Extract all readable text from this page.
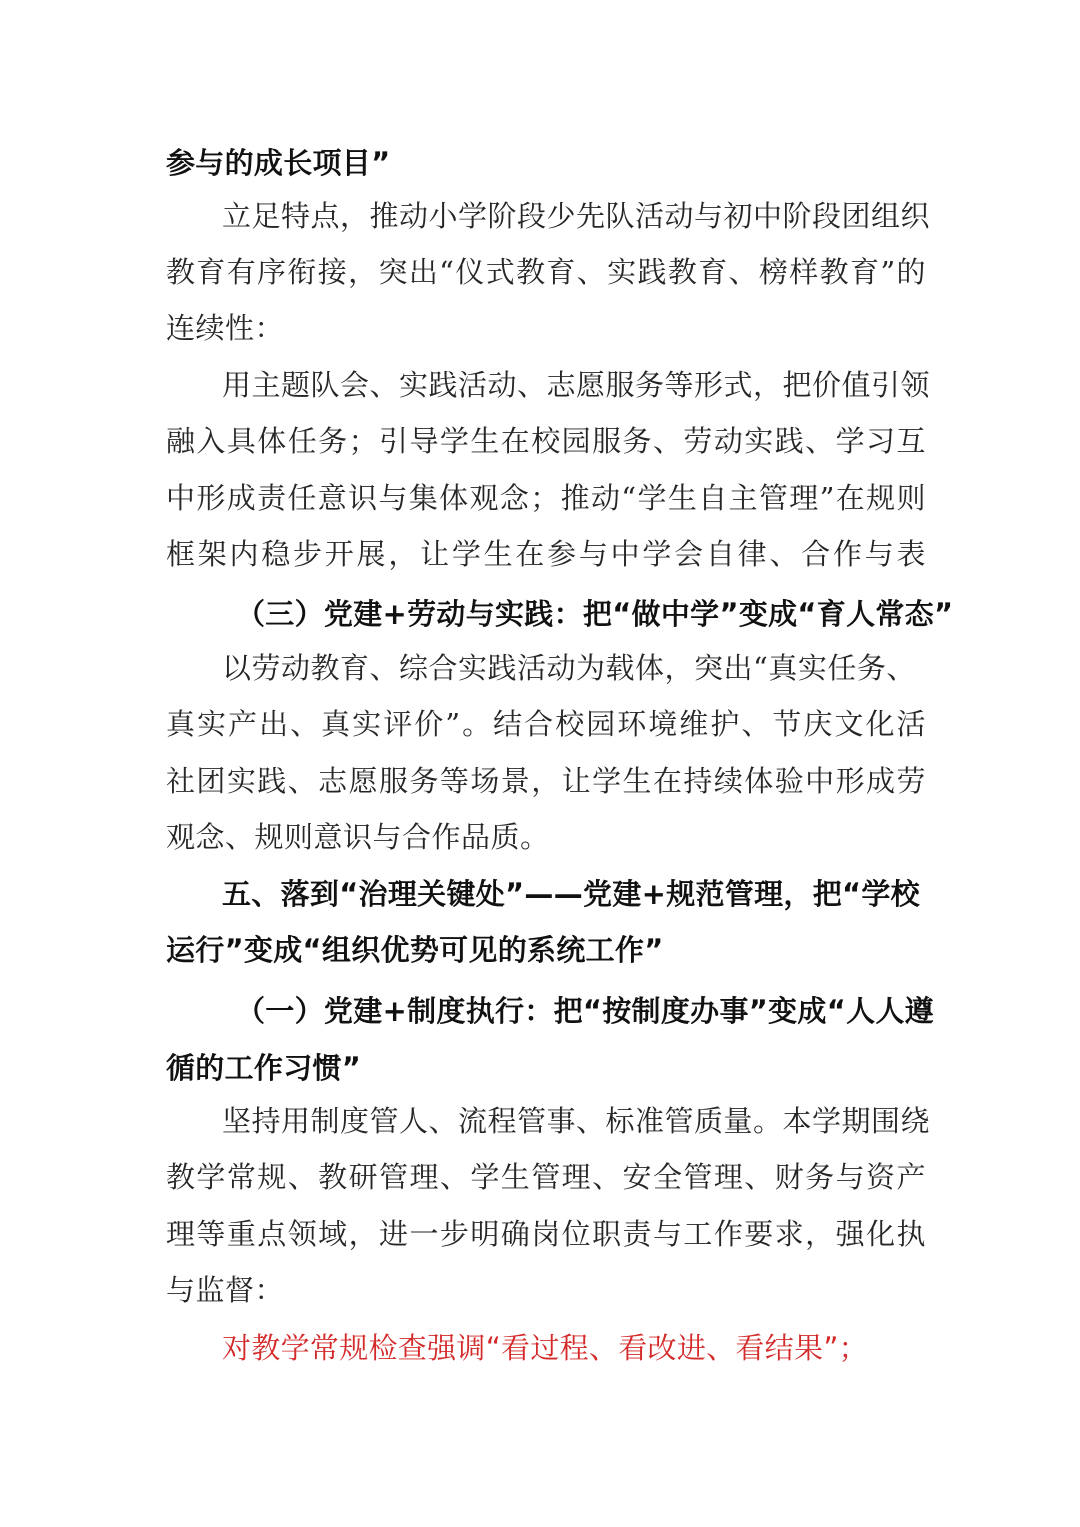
参与的成长项目”
立足特点，推动小学阶段少先队活动与初中阶段团组织
教育有序衔接，突出“仪式教育、实践教育、榜样教育”的
连续性：
用主题队会、实践活动、志愿服务等形式，把价值引领
融入具体任务；引导学生在校园服务、劳动实践、学习互
中形成责任意识与集体观念；推动“学生自主管理”在规则
框架内稳步开展，让学生在参与中学会自律、合作与表
（三）党建+劳动与实践：把“做中学”变成“育人常态”
以劳动教育、综合实践活动为载体，突出“真实任务、
真实产出、真实评价”。结合校园环境维护、节庆文化活
社团实践、志愿服务等场景，让学生在持续体验中形成劳
观念、规则意识与合作品质。
五、落到“治理关键处”——党建+规范管理，把“学校
运行”变成“组织优势可见的系统工作”
（一）党建+制度执行：把“按制度办事”变成“人人遵
循的工作习惯”
坚持用制度管人、流程管事、标准管质量。本学期围绕
教学常规、教研管理、学生管理、安全管理、财务与资产
理等重点领域，进一步明确岗位职责与工作要求，强化执
与监督：
对教学常规检查强调“看过程、看改进、看结果”；
